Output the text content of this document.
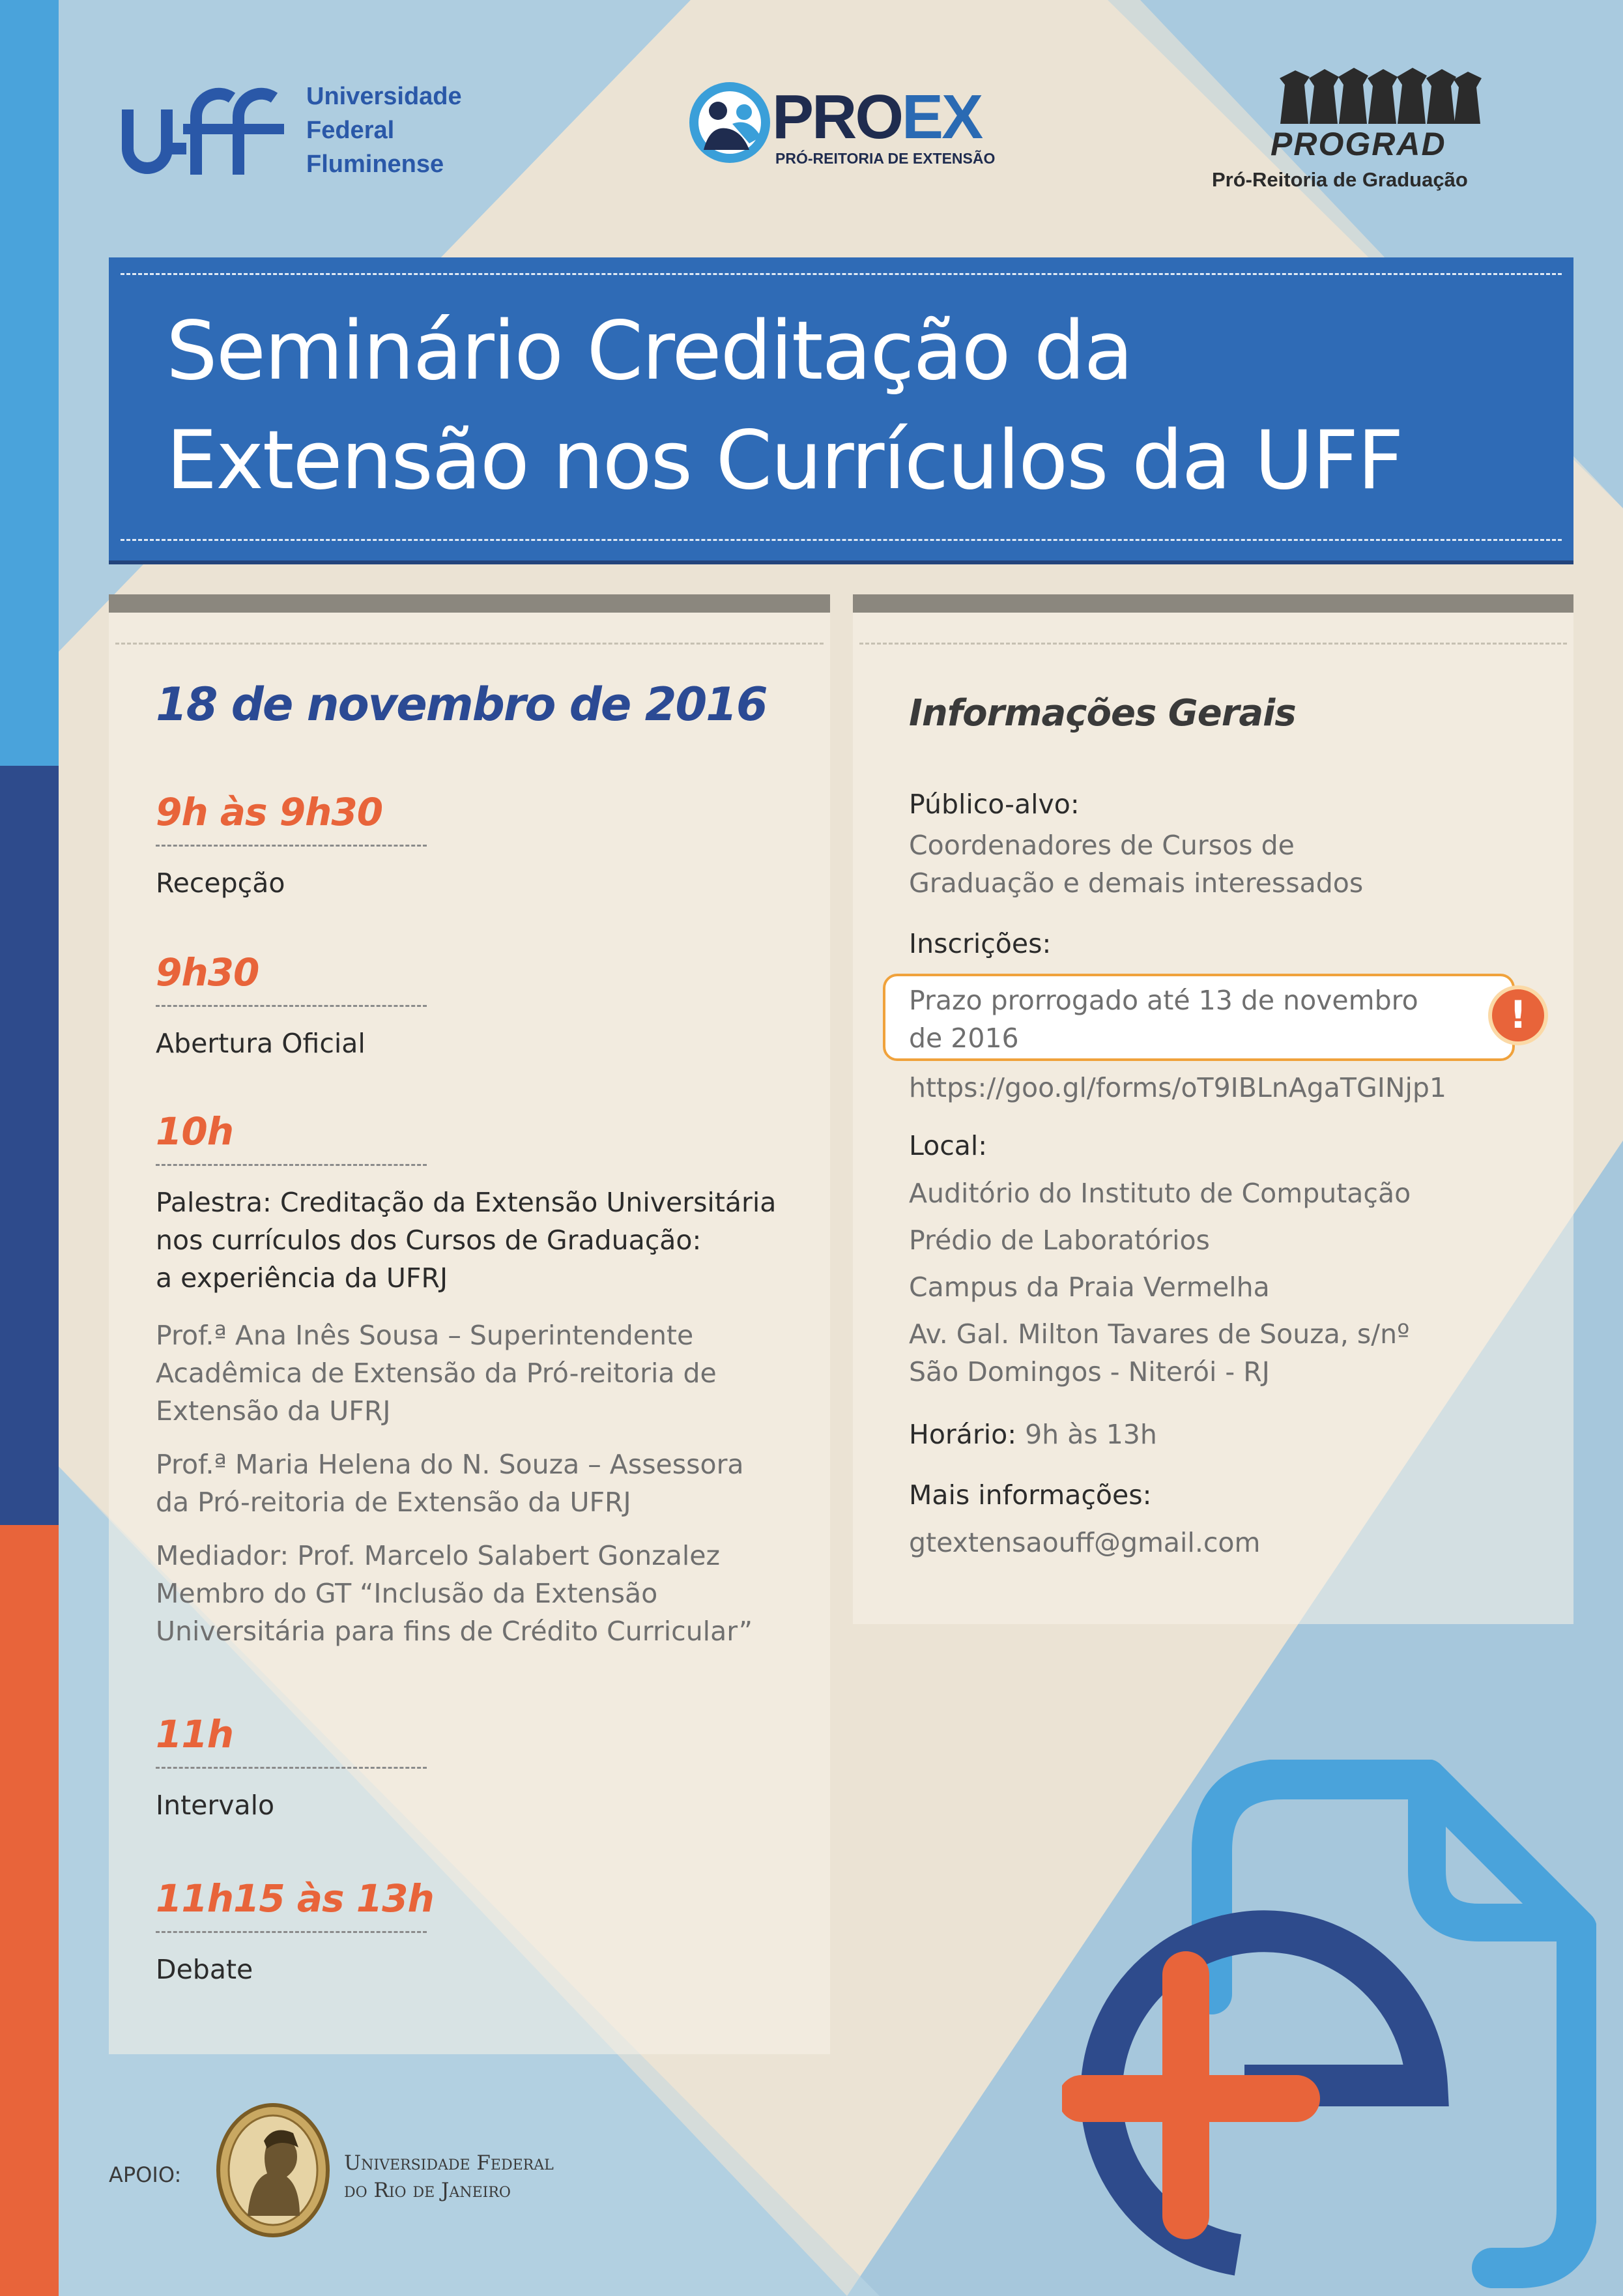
Universidade
Federal
Fluminense
PROEX
PRÓ-REITORIA DE EXTENSÃO	PROGRAD
Pró-Reitoria de Graduação
Seminário Creditação da
Extensão nos Currículos da UFF
18 de novembro de 2016
9h às 9h30
Recepção
9h30
Abertura Oficial
10h
Palestra: Creditação da Extensão Universitária
nos currículos dos Cursos de Graduação:
a experiência da UFRJ
Prof.ª Ana Inês Sousa – Superintendente
Acadêmica de Extensão da Pró-reitoria de
Extensão da UFRJ
Prof.ª Maria Helena do N. Souza – Assessora
da Pró-reitoria de Extensão da UFRJ
Mediador: Prof. Marcelo Salabert Gonzalez
Membro do GT “Inclusão da Extensão
Universitária para fins de Crédito Curricular”
11h
Intervalo
11h15 às 13h
Debate
Informações Gerais
Público-alvo:
Coordenadores de Cursos de
Graduação e demais interessados
Inscrições:
Prazo prorrogado até 13 de novembro
de 2016
!
https://goo.gl/forms/oT9IBLnAgaTGINjp1
Local:
Auditório do Instituto de Computação
Prédio de Laboratórios
Campus da Praia Vermelha
Av. Gal. Milton Tavares de Souza, s/nº
São Domingos - Niterói - RJ
Horário: 9h às 13h
Mais informações:
gtextensaouff@gmail.com
APOIO:	Universidade Federal
do Rio de Janeiro
